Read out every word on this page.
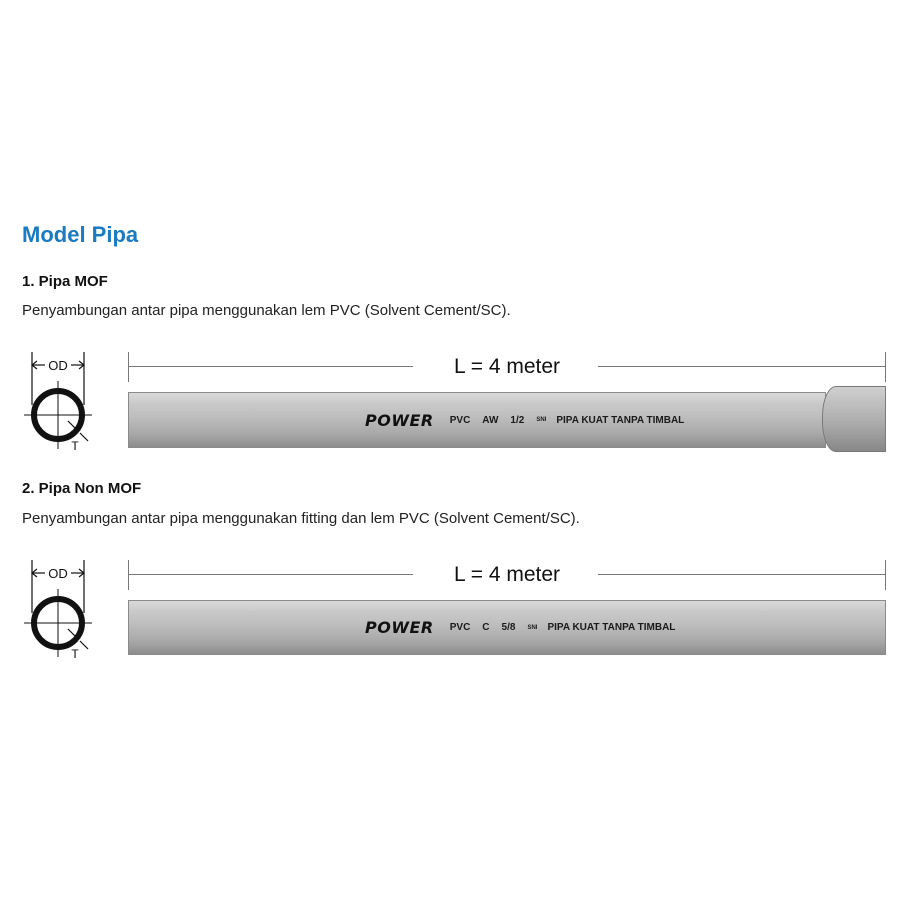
Model Pipa
1. Pipa MOF
Penyambungan antar pipa menggunakan lem PVC (Solvent Cement/SC).
OD
T
L = 4 meter
POWER PVC AW 1/2 SNI PIPA KUAT TANPA TIMBAL
2. Pipa Non MOF
Penyambungan antar pipa menggunakan fitting dan lem PVC (Solvent Cement/SC).
OD
T
L = 4 meter
POWER PVC C 5/8 SNI PIPA KUAT TANPA TIMBAL
